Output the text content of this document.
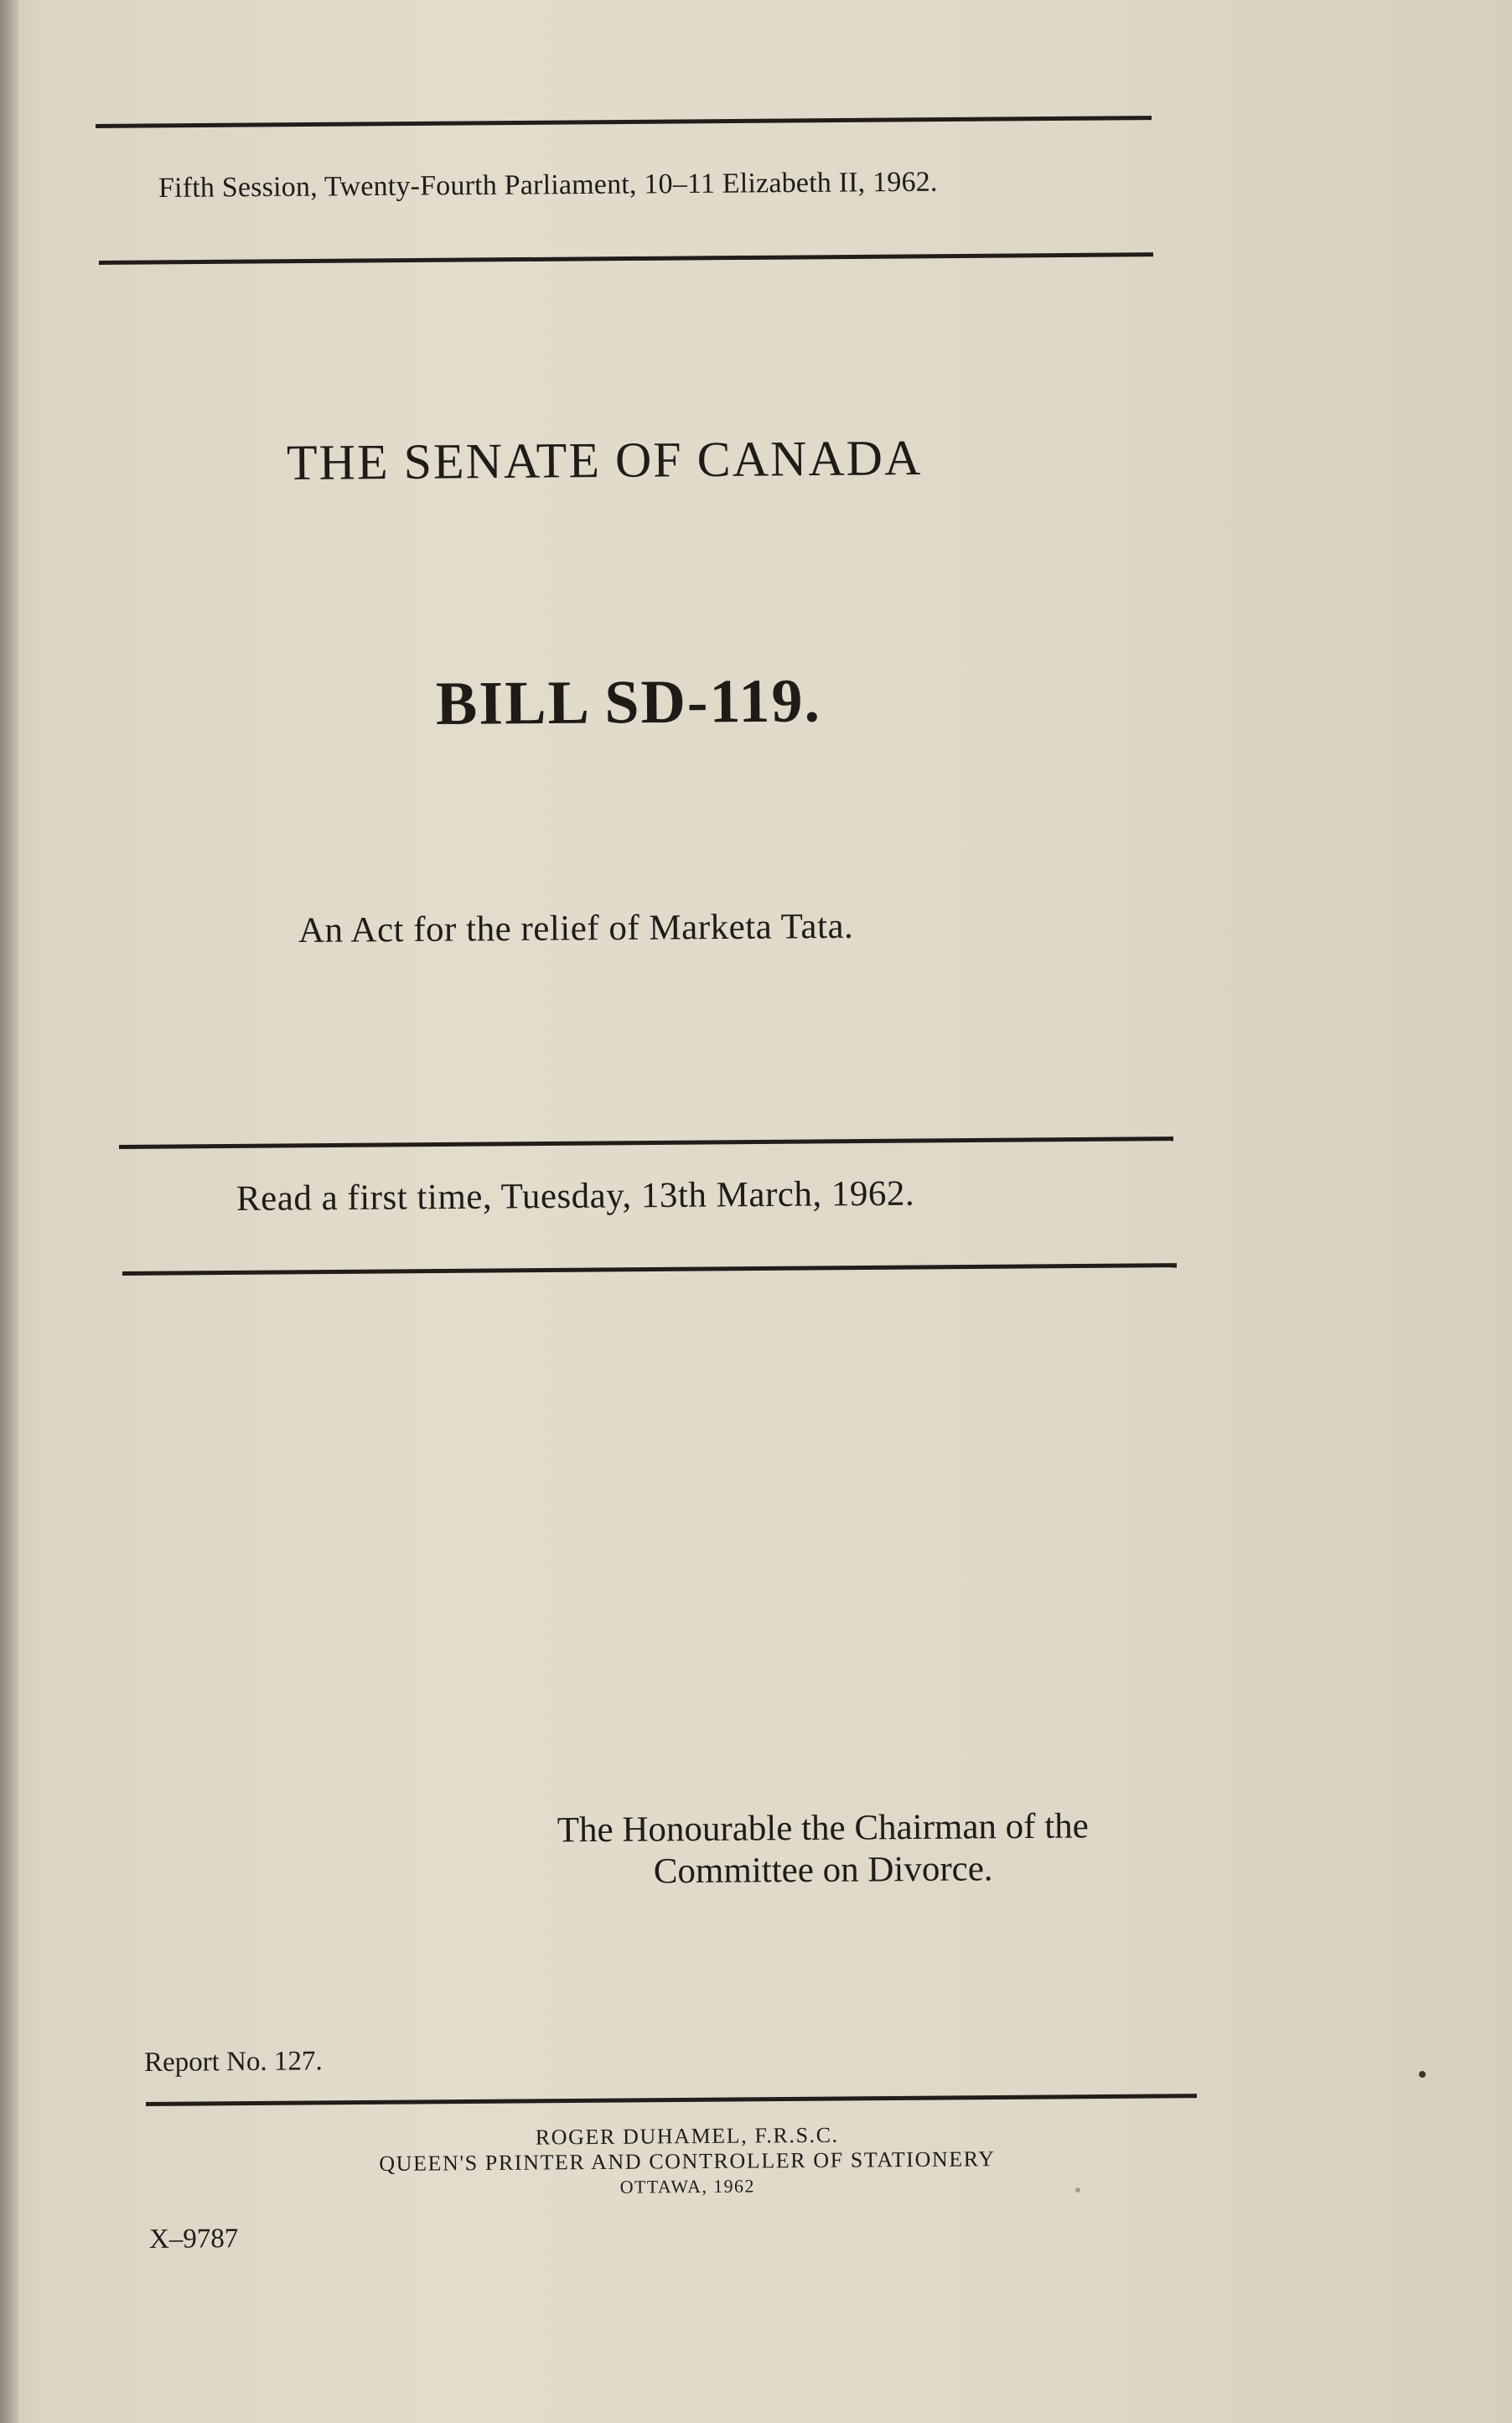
Fifth Session, Twenty-Fourth Parliament, 10–11 Elizabeth II, 1962.
THE SENATE OF CANADA
BILL SD-119.
An Act for the relief of Marketa Tata.
Read a first time, Tuesday, 13th March, 1962.
The Honourable the Chairman of the
Committee on Divorce.
Report No. 127.
ROGER DUHAMEL, F.R.S.C.
QUEEN'S PRINTER AND CONTROLLER OF STATIONERY
OTTAWA, 1962
X–9787
